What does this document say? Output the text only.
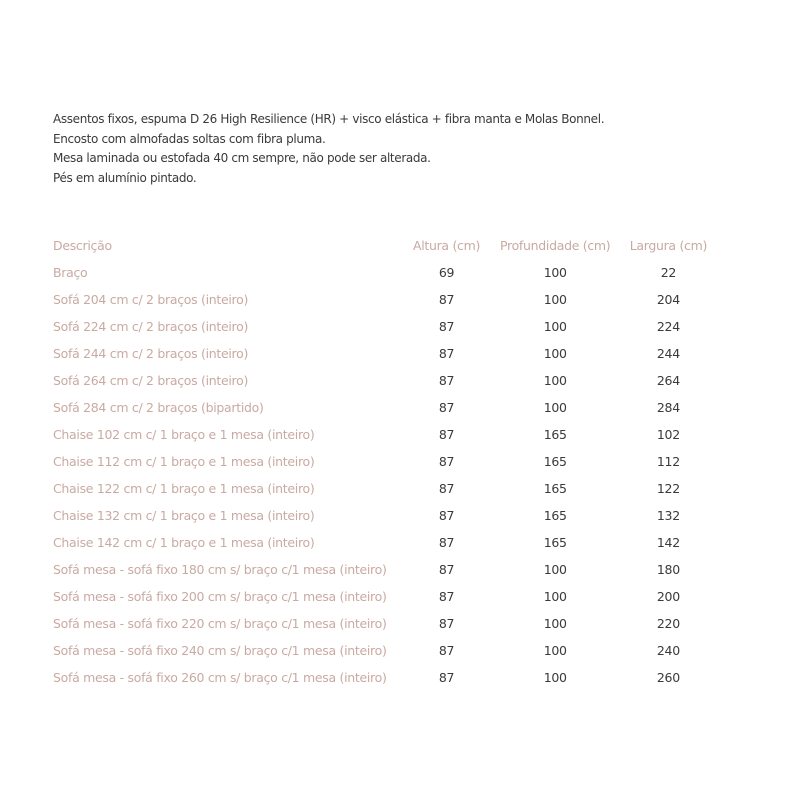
Assentos fixos, espuma D 26 High Resilience (HR) + visco elástica + fibra manta e Molas Bonnel.

Encosto com almofadas soltas com fibra pluma.

Mesa laminada ou estofada 40 cm sempre, não pode ser alterada.

Pés em alumínio pintado.

Descrição	Altura (cm)	Profundidade (cm)	Largura (cm)
Braço	69	100	22
Sofá 204 cm c/ 2 braços (inteiro)	87	100	204
Sofá 224 cm c/ 2 braços (inteiro)	87	100	224
Sofá 244 cm c/ 2 braços (inteiro)	87	100	244
Sofá 264 cm c/ 2 braços (inteiro)	87	100	264
Sofá 284 cm c/ 2 braços (bipartido)	87	100	284
Chaise 102 cm c/ 1 braço e 1 mesa (inteiro)	87	165	102
Chaise 112 cm c/ 1 braço e 1 mesa (inteiro)	87	165	112
Chaise 122 cm c/ 1 braço e 1 mesa (inteiro)	87	165	122
Chaise 132 cm c/ 1 braço e 1 mesa (inteiro)	87	165	132
Chaise 142 cm c/ 1 braço e 1 mesa (inteiro)	87	165	142
Sofá mesa - sofá fixo 180 cm s/ braço c/1 mesa (inteiro)	87	100	180
Sofá mesa - sofá fixo 200 cm s/ braço c/1 mesa (inteiro)	87	100	200
Sofá mesa - sofá fixo 220 cm s/ braço c/1 mesa (inteiro)	87	100	220
Sofá mesa - sofá fixo 240 cm s/ braço c/1 mesa (inteiro)	87	100	240
Sofá mesa - sofá fixo 260 cm s/ braço c/1 mesa (inteiro)	87	100	260
